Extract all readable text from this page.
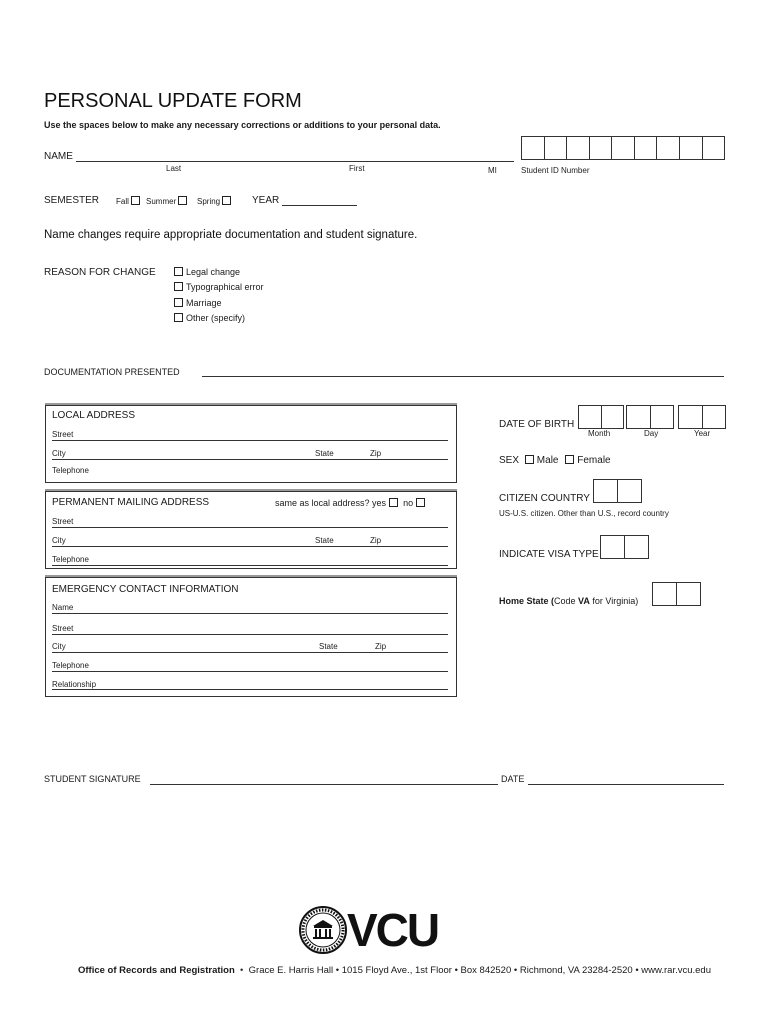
PERSONAL UPDATE FORM
Use the spaces below to make any necessary corrections or additions to your personal data.
NAME
Last	First	MI	Student ID Number
SEMESTER Fall	Summer	Spring	YEAR
Name changes require appropriate documentation and student signature.
REASON FOR CHANGE	Legal change
Typographical error
Marriage
Other (specify)
DOCUMENTATION PRESENTED
LOCAL ADDRESS
Street
City	State	Zip
Telephone
PERMANENT MAILING ADDRESS	same as local address? yes no
Street
City	State	Zip
Telephone
EMERGENCY CONTACT INFORMATION
Name
Street
City	State	Zip
Telephone
Relationship
DATE OF BIRTH
Month	Day	Year
SEX Male Female
CITIZEN COUNTRY
US-U.S. citizen. Other than U.S., record country
INDICATE VISA TYPE
Home State (Code VA for Virginia)
STUDENT SIGNATURE	DATE
VCU
Office of Records and Registration  •  Grace E. Harris Hall • 1015 Floyd Ave., 1st Floor • Box 842520 • Richmond, VA 23284-2520 • www.rar.vcu.edu
